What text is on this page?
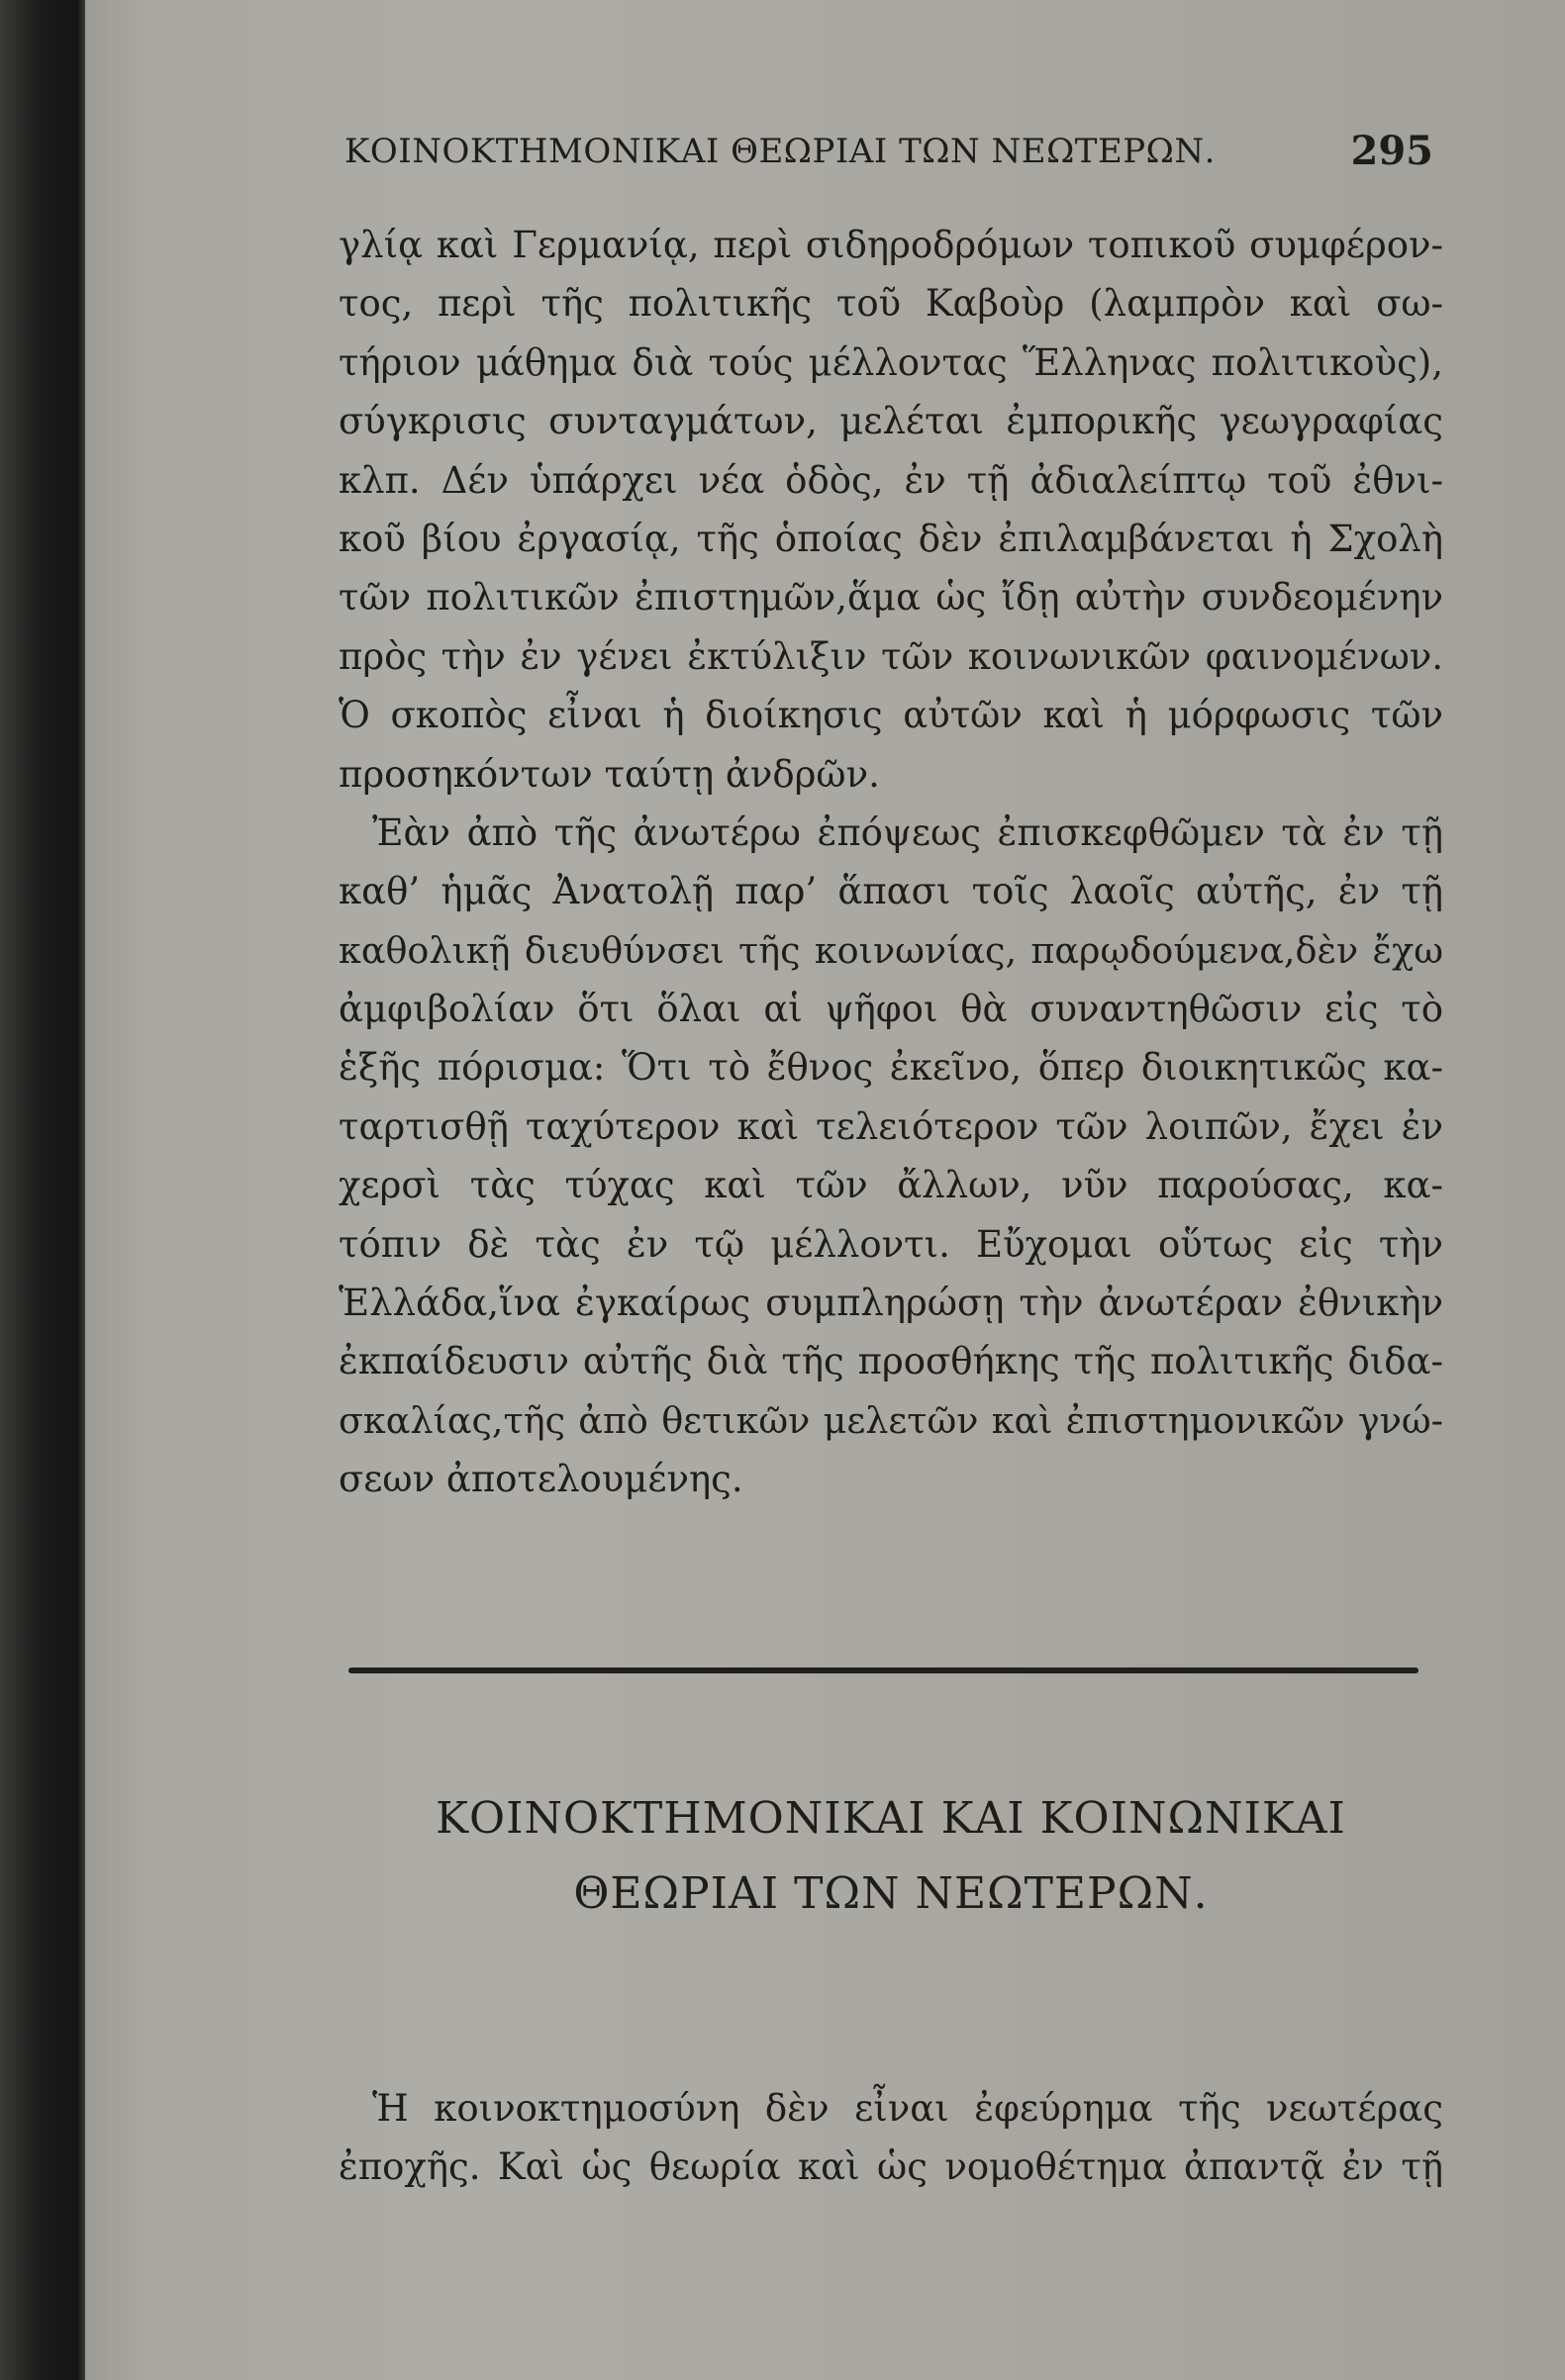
ΚΟΙΝΟΚΤΗΜΟΝΙΚΑΙ ΘΕΩΡΙΑΙ ΤΩΝ ΝΕΩΤΕΡΩΝ.	295
γλίᾳ καὶ Γερμανίᾳ, περὶ σιδηροδρόμων τοπικοῦ συμφέρον-
τος, περὶ τῆς πολιτικῆς τοῦ Καβοὺρ (λαμπρὸν καὶ σω-
τήριον μάθημα διὰ τούς μέλλοντας Ἕλληνας πολιτικοὺς),
σύγκρισις συνταγμάτων, μελέται ἐμπορικῆς γεωγραφίας
κλπ. Δέν ὑπάρχει νέα ὁδὸς, ἐν τῇ ἀδιαλείπτῳ τοῦ ἐθνι-
κοῦ βίου ἐργασίᾳ, τῆς ὁποίας δὲν ἐπιλαμβάνεται ἡ Σχολὴ
τῶν πολιτικῶν ἐπιστημῶν,ἅμα ὡς ἴδῃ αὐτὴν συνδεομένην
πρὸς τὴν ἐν γένει ἐκτύλιξιν τῶν κοινωνικῶν φαινομένων.
Ὁ σκοπὸς εἶναι ἡ διοίκησις αὐτῶν καὶ ἡ μόρφωσις τῶν
προσηκόντων ταύτῃ ἀνδρῶν.
Ἐὰν ἀπὸ τῆς ἀνωτέρω ἐπόψεως ἐπισκεφθῶμεν τὰ ἐν τῇ
καθ’ ἡμᾶς Ἀνατολῇ παρ’ ἅπασι τοῖς λαοῖς αὐτῆς, ἐν τῇ
καθολικῇ διευθύνσει τῆς κοινωνίας, παρῳδούμενα,δὲν ἔχω
ἀμφιβολίαν ὅτι ὅλαι αἱ ψῆφοι θὰ συναντηθῶσιν εἰς τὸ
ἑξῆς πόρισμα: Ὅτι τὸ ἔθνος ἐκεῖνο, ὅπερ διοικητικῶς κα-
ταρτισθῇ ταχύτερον καὶ τελειότερον τῶν λοιπῶν, ἔχει ἐν
χερσὶ τὰς τύχας καὶ τῶν ἄλλων, νῦν παρούσας, κα-
τόπιν δὲ τὰς ἐν τῷ μέλλοντι. Εὔχομαι οὕτως εἰς τὴν
Ἑλλάδα,ἵνα ἐγκαίρως συμπληρώσῃ τὴν ἀνωτέραν ἐθνικὴν
ἐκπαίδευσιν αὐτῆς διὰ τῆς προσθήκης τῆς πολιτικῆς διδα-
σκαλίας,τῆς ἀπὸ θετικῶν μελετῶν καὶ ἐπιστημονικῶν γνώ-
σεων ἀποτελουμένης.
ΚΟΙΝΟΚΤΗΜΟΝΙΚΑΙ ΚΑΙ ΚΟΙΝΩΝΙΚΑΙ
ΘΕΩΡΙΑΙ ΤΩΝ ΝΕΩΤΕΡΩΝ.
Ἡ κοινοκτημοσύνη δὲν εἶναι ἐφεύρημα τῆς νεωτέρας
ἐποχῆς. Καὶ ὡς θεωρία καὶ ὡς νομοθέτημα ἀπαντᾷ ἐν τῇ
